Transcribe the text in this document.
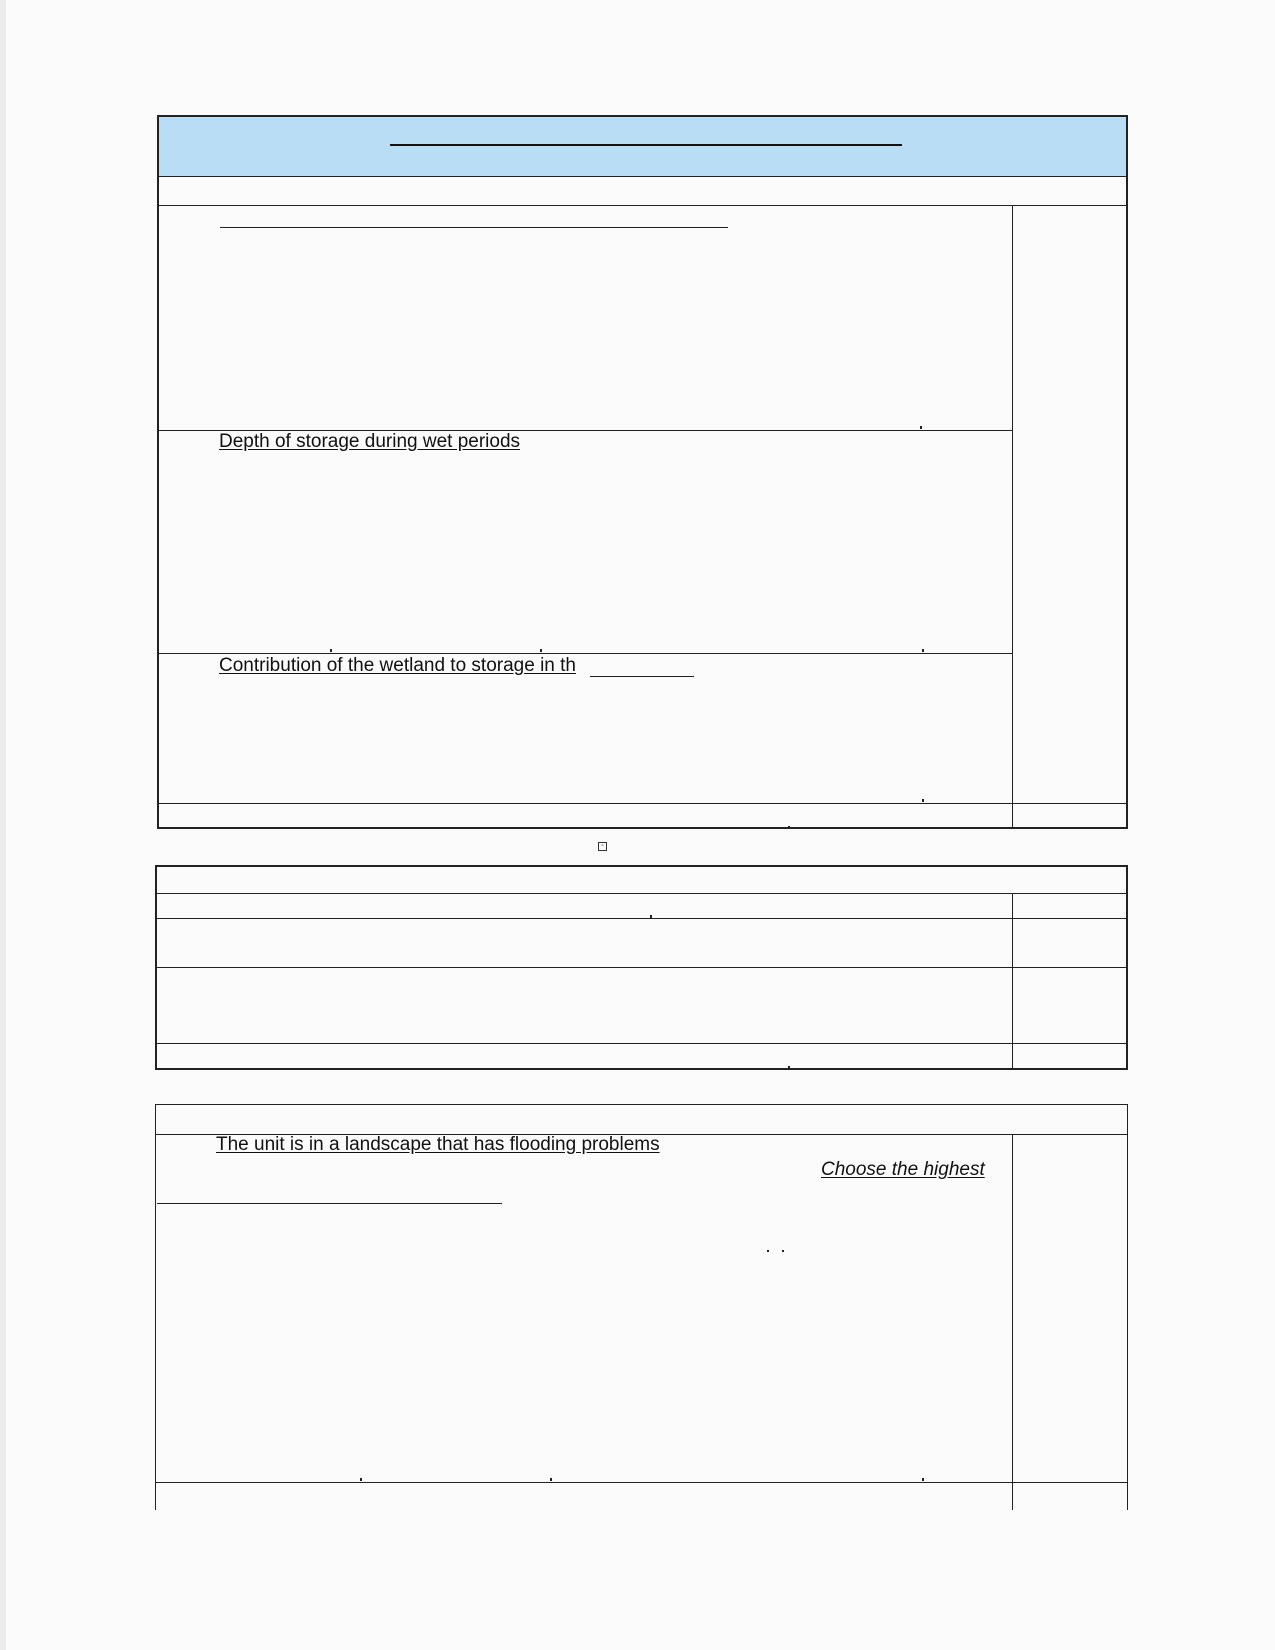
Depth of storage during wet periods
Contribution of the wetland to storage in th
▫
The unit is in a landscape that has flooding problems
Choose the highest
